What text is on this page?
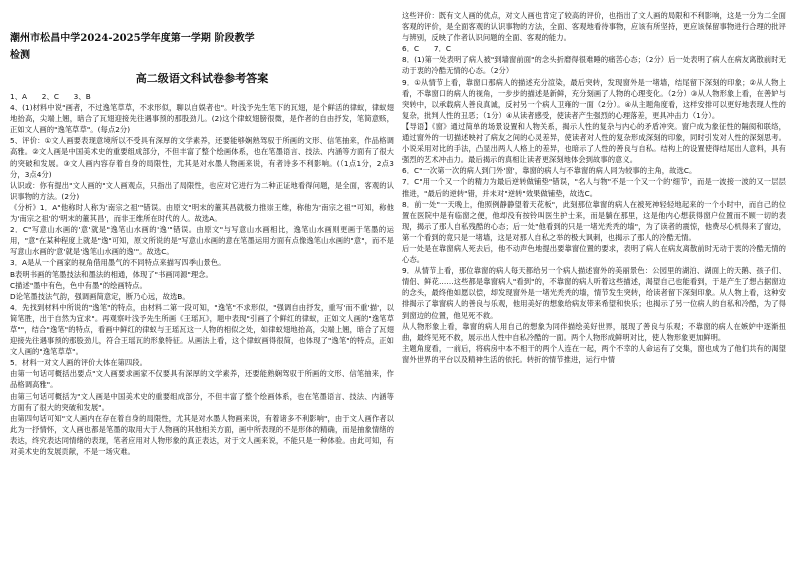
潮州市松昌中学2024-2025学年度第一学期 阶段教学
检测
高二级语文科试卷参考答案

1、A　　2、C　　3、B

4、(1)材料中说"画者，不过逸笔草草，不求形似，聊以自娱者也"。叶浅予先生笔下的瓦翅，是个鲜活的律蚁，律蚁翅地抬高，尖端上翘，暗合了瓦翅迎接先往遇事预的那股劲儿。(2)这个律蚁翅膀很微，是作者的自由抒发，笔简意赅，正如文人画的"逸笔草草"。(每点2分)

5、评价：①文人画要表现意境所以不受具有深厚的文学素养，还要能够娴熟驾驭于所画的文形、信笔抽来，作品格调高雅。②文人画是中国美术史的重要组成部分，不但丰富了整个绘画体系，也在笔墨语言、技法、内涵等方面有了很大的突破和发展。③文人画内容存着自身的局限性，尤其是对水墨人物画来说，有者诗多不利影响。(（1点1分，2点3分，3点4分)

认识或：你有提出"文人画的"文人画观点，只指出了局限性，也应对它进行为二种正证地看得问题，是全面，客观的认识事物的方法。(2分)

《分析》1．A"他称时人称为'南宗之祖'"错误。由原文"明末的董其昌就极力推崇王维，称他为'南宗之祖'"可知，称他为'南宗之祖'的'明末的董其昌'，而非王维所在时代的人。故选A。

2．C"写意山水画的'意'就是"逸笔山水画的'逸'"错误。由原文"与写意山水画相比，逸笔山水画则更画于笔墨的运用，"意"在某种程度上就是"逸"可知，原文所说的是"写意山水画的意在笔墨运用方面有点像逸笔山水画的"意"，而不是写意山水画的'意'就是'逸笔山水画的逸'"。故选C。

3．A是从一个画家的视角借用墨气的不同特点来描写四季山景色。

B表明书画的笔墨技法和墨法的相通，体现了"书画同源"理念。

C描述"墨中有色，色中有墨"的绘画特点。

D论笔墨技法气韵，强调画简意定，断乃心远，故选B。

4．先找到材料中所说的"逸笔"的特点，由材料二第一段可知，"逸笔"不求形似，"强调自由抒发，重写'而不重'描'，以简笔胜，出于自然为宜求"。再观察叶浅予先生所画《王瑶瓦》，题中表现"引画了个鲜红的律蚁，正如文人画的"逸笔草草""，结合"逸笔"的特点，看画中鲜红的律蚁与王瑶瓦这一人物的相似之处，如律蚁翅地抬高，尖端上翘，暗合了瓦翅迎接先往遇事预的那股劲儿，符合王瑶瓦的形象特征。从画法上看，这个律蚁画得很简，也体现了"逸笔"的特点，正如文人画的"逸笔草草"。

5．材料一对文人画的评价大体在第四段。

由第一句话可概括出要点"文人画要求画家不仅要具有深厚的文学素养，还要能熟娴驾驭于所画的文形、信笔抽来，作品格调高雅"。

由第三句话可概括为"文人画是中国美术史的重要组成部分，不但丰富了整个绘画体系，也在笔墨语言、技法、内涵等方面有了很大的突破和发展"。

由第四句话可知"文人画内在存在着自身的局限性，尤其是对水墨人物画来说，有着诸多不利影响"，由于文人画作者以此为一抒情怀，文人画也都是笔墨的取用大于人物画的其他相关方面，画中所表现的不是形体的精确，而是抽象情绪的表达，终究表达同情绪的表现，笔者应用对人物形象的真正表达，对于文人画来说，不能只是一种体验。由此可知，有对美术史的发展贡献，不是一场灾难。

这些评价：既有文人画的优点，对文人画也肯定了较高的评价，也指出了文人画的局限和不利影响，这是一分为二全面客观的评价，是全面客观的认识事物的方法，全面、客观地看待事物，应该有所坚持，更应该保留事物进行合理的批评与辨别，反映了作者认识问题的全面、客观的能力。

6．C　　7．C

8．(1)第一处表明了病人被"到墙窗前面"的念头折磨得很难睡的痛苦心态；（2分）后一处表明了病人在病友离散前时无动于衷的冷酷无情的心态。（2分）

9．①从情节上看，靠窗口那病人的描述充分渲染，最后突转，发现窗外是一堵墙，结尾留下深刻的印象；②从人物上看，不靠窗口的病人的视角，一步步的描述是新鲜，充分刻画了人物的心理变化。（2分）③从人物形象上看，在善妒与突转中，以承载病人善良真诚，反衬另一个病人卫雍的一面（2分）。④从主题角度看，这样安排可以更好地表现人性的复杂，批判人性的丑恶；（1分）④从读者感受，使读者产生强烈的心理落差，更具冲击力（1分）。

【导语】《窗》通过简单的场景设置和人物关系，揭示人性的复杂与内心的矛盾冲突。窗户成为象征性的隔阂和联络，通过窗外的一切描述映衬了病友之间的心灵差异，使读者对人性的复杂形成深刻的印象，同时引发对人性的深刻思考。小说采用对比的手法，凸显出两人人格上的差异，也暗示了人性的善良与自私。结构上的设置使得结尾出人意料，具有强烈的艺术冲击力。最后揭示的真相让读者更深刻地体会到故事的意义。

6．C"一次第一次的病人到门外'窗'，靠窗的病人与不靠窗的病人同为较事的主角，故选C。

7．C"用一个又一个的精力为最后逆转做铺垫"错误，"名人与物"不是一个又一个的'细节'，而是一波接一波的又一层层推进，"最后的逆转"错，并未对"逆转"效果做铺垫，故选C。

8．前一处"一天晚上，他照例静静望着天花板"，此刻那位靠窗的病人在被死神轻轻地起来的一个小时中，而自己的位置在医院中是有临窗之便，他却没有按铃叫医生护士来，而是躺在那里，这是他内心想获得窗户位置而不顾一切的表现，揭示了那人自私残酷的心态；后一处"他看到的只是一堵光秃秃的墙"，为了读者的震惊，他费尽心机得来了窗边，第一个看到的竟只是一堵墙，这是对那人自私之举的极大讽刺，也揭示了那人的冷酷无情。

后一处是在靠窗病人死去后，他不动声色地提出要靠窗位置的要求，表明了病人在病友离散前时无动于衷的冷酷无情的心态。

9．从情节上看，那位靠窗的病人每天都给另一个病人描述窗外的美丽景色：公园里的湖泊、湖面上的天鹅、孩子们、情侣、鲜花……这些都是靠窗病人"看到"的，不靠窗的病人听着这些描述，渴望自己也能看到，于是产生了想占据窗边的念头，最终他如愿以偿，却发现窗外是一堵光秃秃的墙，情节发生突转，给读者留下深刻印象。从人物上看，这种安排揭示了靠窗病人的善良与乐观，他用美好的想象给病友带来希望和快乐；也揭示了另一位病人的自私和冷酷，为了得到窗边的位置，他见死不救。

从人物形象上看，靠窗的病人用自己的想象为同伴描绘美好世界，展现了善良与乐观；不靠窗的病人在嫉妒中逐渐扭曲，最终见死不救，展示出人性中自私冷酷的一面。两个人物形成鲜明对比，使人物形象更加鲜明。

主题角度看，一前后，将病房中本不相干的两个人连在一起，两个不幸的人命运有了交集，窗也成为了他们共有的渴望窗外世界的平台以及精神生活的依托。转折的情节推进，运行中情
